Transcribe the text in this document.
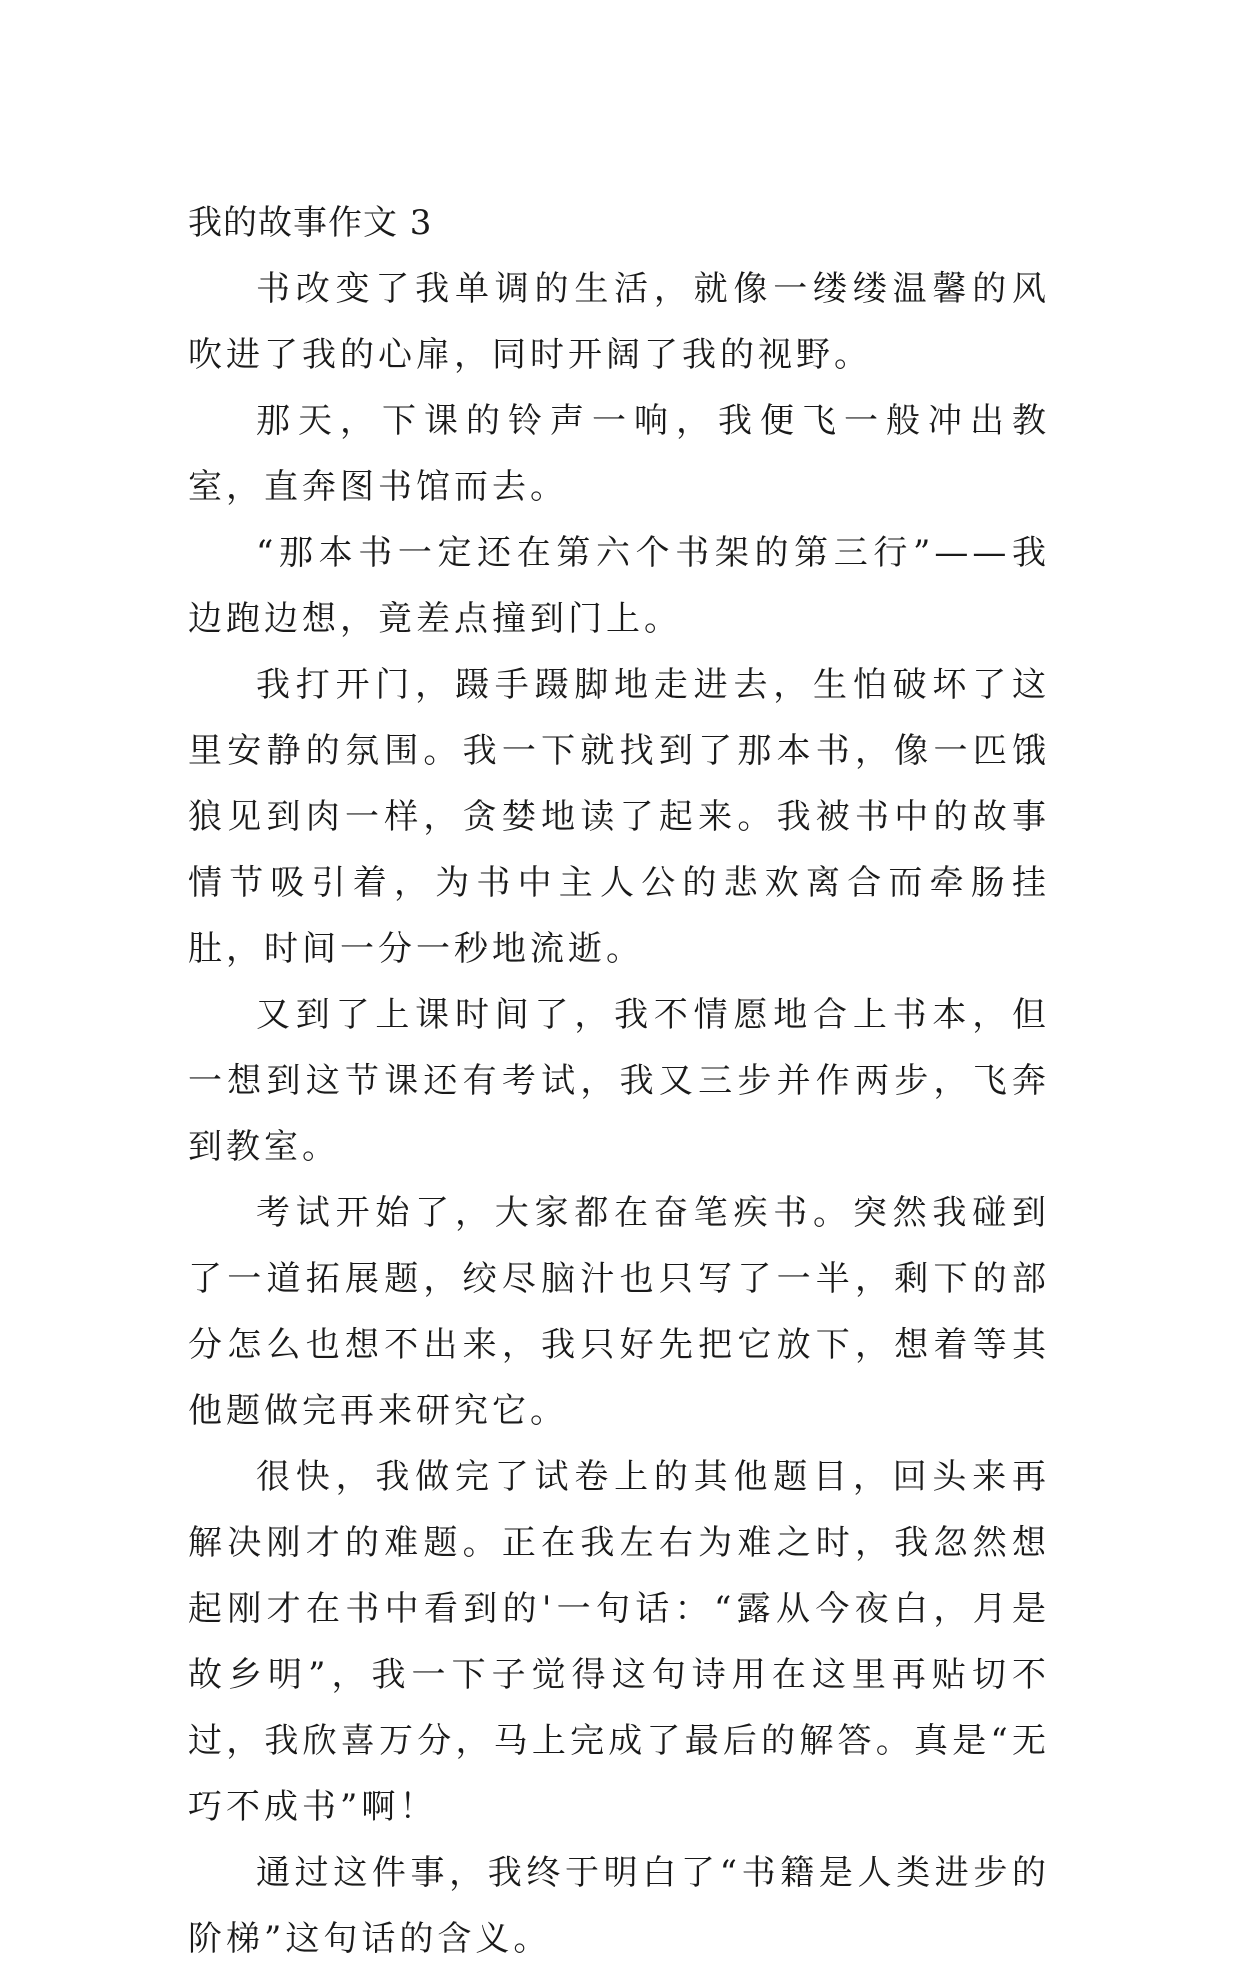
我的故事作文 3

书改变了我单调的生活，就像一缕缕温馨的风吹进了我的心扉，同时开阔了我的视野。

那天，下课的铃声一响，我便飞一般冲出教室，直奔图书馆而去。

“那本书一定还在第六个书架的第三行”——我边跑边想，竟差点撞到门上。

我打开门，蹑手蹑脚地走进去，生怕破坏了这里安静的氛围。我一下就找到了那本书，像一匹饿狼见到肉一样，贪婪地读了起来。我被书中的故事情节吸引着，为书中主人公的悲欢离合而牵肠挂肚，时间一分一秒地流逝。

又到了上课时间了，我不情愿地合上书本，但一想到这节课还有考试，我又三步并作两步，飞奔到教室。

考试开始了，大家都在奋笔疾书。突然我碰到了一道拓展题，绞尽脑汁也只写了一半，剩下的部分怎么也想不出来，我只好先把它放下，想着等其他题做完再来研究它。

很快，我做完了试卷上的其他题目，回头来再解决刚才的难题。正在我左右为难之时，我忽然想起刚才在书中看到的'一句话：“露从今夜白，月是故乡明”，我一下子觉得这句诗用在这里再贴切不过，我欣喜万分，马上完成了最后的解答。真是“无巧不成书”啊！

通过这件事，我终于明白了“书籍是人类进步的阶梯”这句话的含义。
